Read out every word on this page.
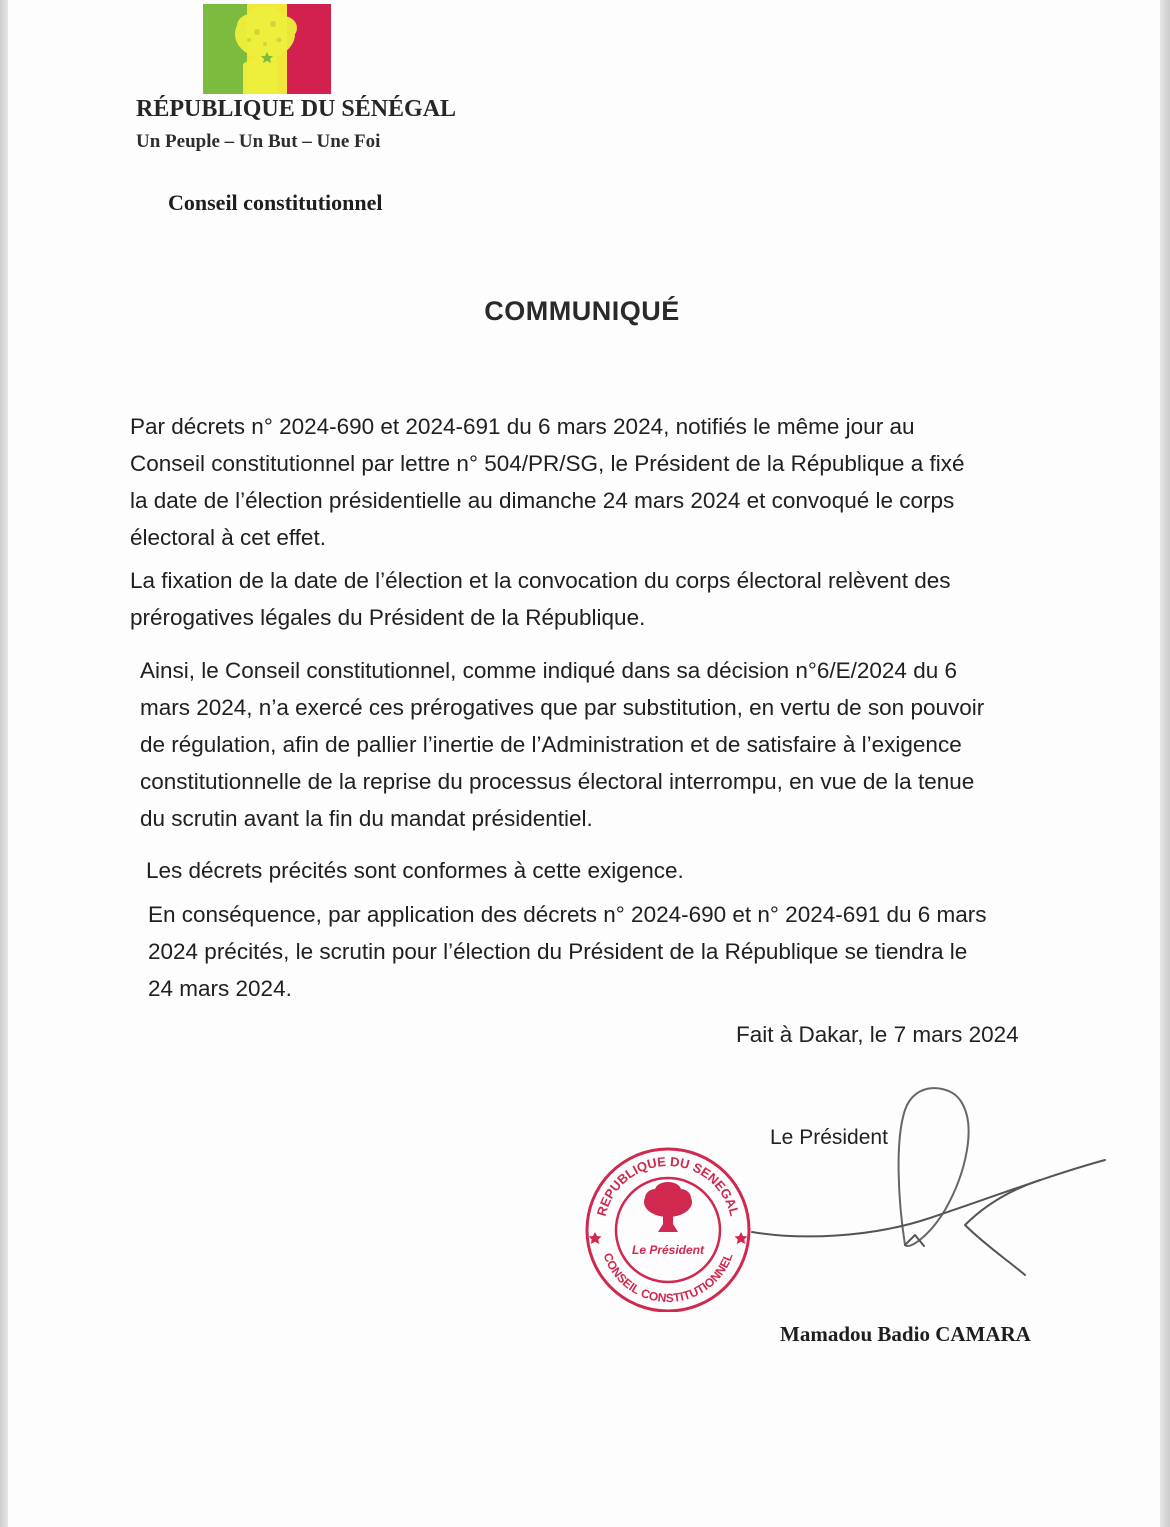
RÉPUBLIQUE DU SÉNÉGAL
Un Peuple – Un But – Une Foi
Conseil constitutionnel
COMMUNIQUÉ
Par décrets n° 2024-690 et 2024-691 du 6 mars 2024, notifiés le même jour au
Conseil constitutionnel par lettre n° 504/PR/SG, le Président de la République a fixé
la date de l’élection présidentielle au dimanche 24 mars 2024 et convoqué le corps
électoral à cet effet.
La fixation de la date de l’élection et la convocation du corps électoral relèvent des
prérogatives légales du Président de la République.
Ainsi, le Conseil constitutionnel, comme indiqué dans sa décision n°6/E/2024 du 6
mars 2024, n’a exercé ces prérogatives que par substitution, en vertu de son pouvoir
de régulation, afin de pallier l’inertie de l’Administration et de satisfaire à l’exigence
constitutionnelle de la reprise du processus électoral interrompu, en vue de la tenue
du scrutin avant la fin du mandat présidentiel.
Les décrets précités sont conformes à cette exigence.
En conséquence, par application des décrets n° 2024-690 et n° 2024-691 du 6 mars
2024 précités, le scrutin pour l’élection du Président de la République se tiendra le
24 mars 2024.
Fait à Dakar, le 7 mars 2024
Le Président
REPUBLIQUE DU SENEGAL
CONSEIL CONSTITUTIONNEL
Le Président
Mamadou Badio CAMARA
